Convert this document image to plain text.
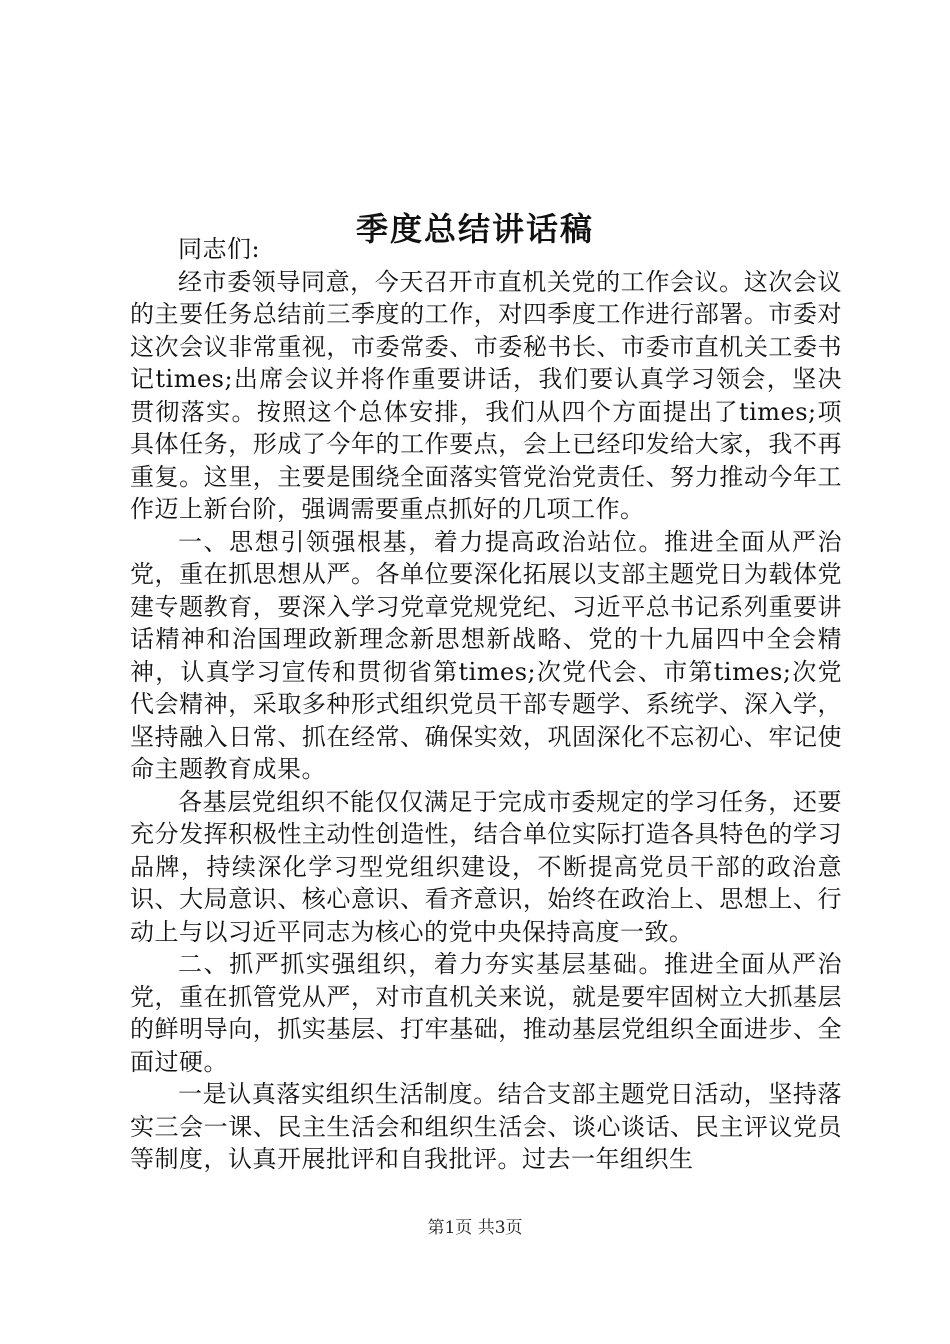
季度总结讲话稿

同志们:

经市委领导同意，今天召开市直机关党的工作会议。这次会议的主要任务总结前三季度的工作，对四季度工作进行部署。市委对这次会议非常重视，市委常委、市委秘书长、市委市直机关工委书记times;出席会议并将作重要讲话，我们要认真学习领会，坚决贯彻落实。按照这个总体安排，我们从四个方面提出了times;项具体任务，形成了今年的工作要点，会上已经印发给大家，我不再重复。这里，主要是围绕全面落实管党治党责任、努力推动今年工作迈上新台阶，强调需要重点抓好的几项工作。

一、思想引领强根基，着力提高政治站位。推进全面从严治党，重在抓思想从严。各单位要深化拓展以支部主题党日为载体党建专题教育，要深入学习党章党规党纪、习近平总书记系列重要讲话精神和治国理政新理念新思想新战略、党的十九届四中全会精神，认真学习宣传和贯彻省第times;次党代会、市第times;次党代会精神，采取多种形式组织党员干部专题学、系统学、深入学，坚持融入日常、抓在经常、确保实效，巩固深化不忘初心、牢记使命主题教育成果。

各基层党组织不能仅仅满足于完成市委规定的学习任务，还要充分发挥积极性主动性创造性，结合单位实际打造各具特色的学习品牌，持续深化学习型党组织建设，不断提高党员干部的政治意识、大局意识、核心意识、看齐意识，始终在政治上、思想上、行动上与以习近平同志为核心的党中央保持高度一致。

二、抓严抓实强组织，着力夯实基层基础。推进全面从严治党，重在抓管党从严，对市直机关来说，就是要牢固树立大抓基层的鲜明导向，抓实基层、打牢基础，推动基层党组织全面进步、全面过硬。

一是认真落实组织生活制度。结合支部主题党日活动，坚持落实三会一课、民主生活会和组织生活会、谈心谈话、民主评议党员等制度，认真开展批评和自我批评。过去一年组织生

第1页 共3页
